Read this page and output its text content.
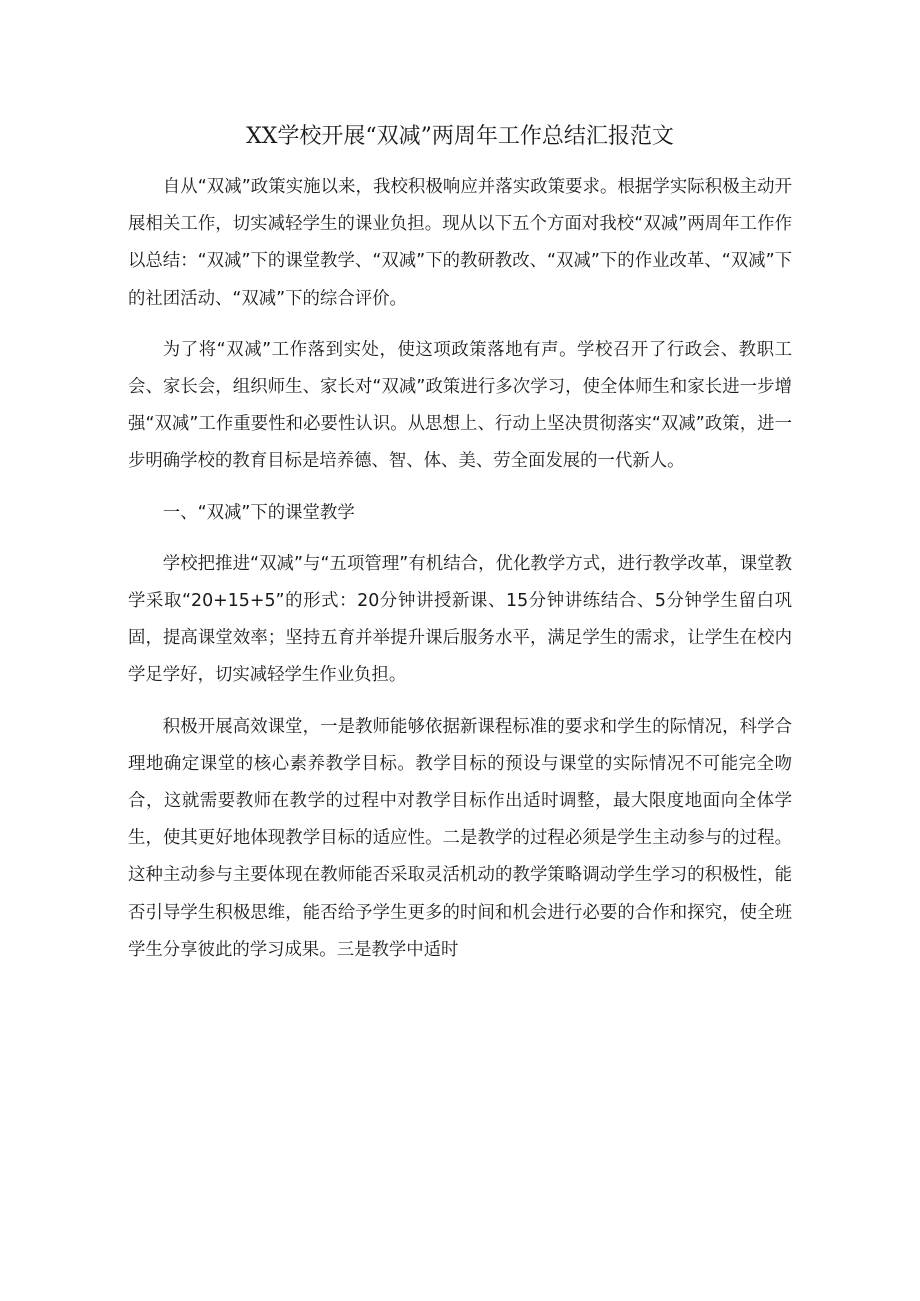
XX学校开展“双减”两周年工作总结汇报范文

自从“双减”政策实施以来，我校积极响应并落实政策要求。根据学实际积极主动开展相关工作，切实减轻学生的课业负担。现从以下五个方面对我校“双减”两周年工作作以总结：“双减”下的课堂教学、“双减”下的教研教改、“双减”下的作业改革、“双减”下的社团活动、“双减”下的综合评价。

为了将“双减”工作落到实处，使这项政策落地有声。学校召开了行政会、教职工会、家长会，组织师生、家长对“双减”政策进行多次学习，使全体师生和家长进一步增强“双减”工作重要性和必要性认识。从思想上、行动上坚决贯彻落实“双减”政策，进一步明确学校的教育目标是培养德、智、体、美、劳全面发展的一代新人。

一、“双减”下的课堂教学

学校把推进“双减”与“五项管理”有机结合，优化教学方式，进行教学改革，课堂教学采取“20+15+5”的形式：20分钟讲授新课、15分钟讲练结合、5分钟学生留白巩固，提高课堂效率；坚持五育并举提升课后服务水平，满足学生的需求，让学生在校内学足学好，切实减轻学生作业负担。

积极开展高效课堂，一是教师能够依据新课程标准的要求和学生的际情况，科学合理地确定课堂的核心素养教学目标。教学目标的预设与课堂的实际情况不可能完全吻合，这就需要教师在教学的过程中对教学目标作出适时调整，最大限度地面向全体学生，使其更好地体现教学目标的适应性。二是教学的过程必须是学生主动参与的过程。这种主动参与主要体现在教师能否采取灵活机动的教学策略调动学生学习的积极性，能否引导学生积极思维，能否给予学生更多的时间和机会进行必要的合作和探究，使全班学生分享彼此的学习成果。三是教学中适时
